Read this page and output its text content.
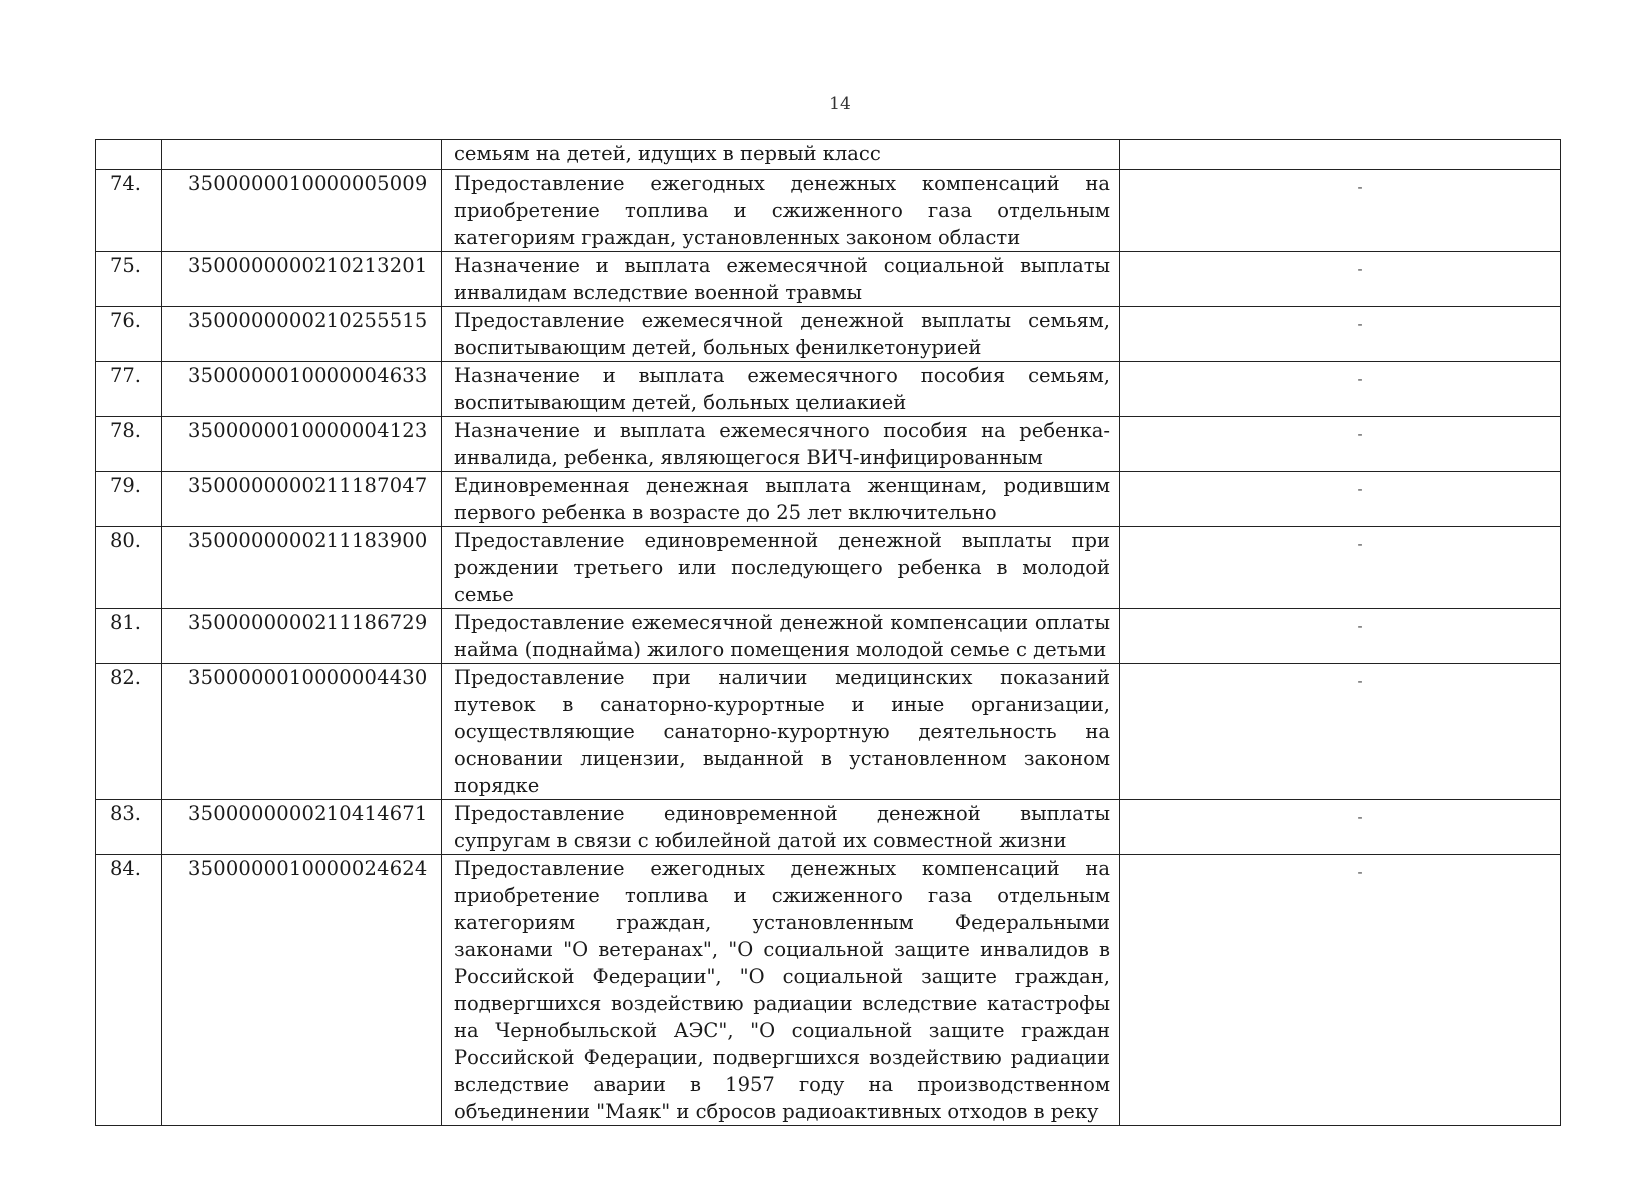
14
		семьям на детей, идущих в первый класс	
74.	3500000010000005009	Предоставление ежегодных денежных компенсаций на приобретение топлива и сжиженного газа отдельным категориям граждан, установленных законом области	-
75.	3500000000210213201	Назначение и выплата ежемесячной социальной выплаты инвалидам вследствие военной травмы	-
76.	3500000000210255515	Предоставление ежемесячной денежной выплаты семьям, воспитывающим детей, больных фенилкетонурией	-
77.	3500000010000004633	Назначение и выплата ежемесячного пособия семьям, воспитывающим детей, больных целиакией	-
78.	3500000010000004123	Назначение и выплата ежемесячного пособия на ребенка-инвалида, ребенка, являющегося ВИЧ-инфицированным	-
79.	3500000000211187047	Единовременная денежная выплата женщинам, родившим первого ребенка в возрасте до 25 лет включительно	-
80.	3500000000211183900	Предоставление единовременной денежной выплаты при рождении третьего или последующего ребенка в молодой семье	-
81.	3500000000211186729	Предоставление ежемесячной денежной компенсации оплаты найма (поднайма) жилого помещения молодой семье с детьми	-
82.	3500000010000004430	Предоставление при наличии медицинских показаний путевок в санаторно-курортные и иные организации, осуществляющие санаторно-курортную деятельность на основании лицензии, выданной в установленном законом порядке	-
83.	3500000000210414671	Предоставление единовременной денежной выплаты супругам в связи с юбилейной датой их совместной жизни	-
84.	3500000010000024624	Предоставление ежегодных денежных компенсаций на приобретение топлива и сжиженного газа отдельным категориям граждан, установленным Федеральными законами "О ветеранах", "О социальной защите инвалидов в Российской Федерации", "О социальной защите граждан, подвергшихся воздействию радиации вследствие катастрофы на Чернобыльской АЭС", "О социальной защите граждан Российской Федерации, подвергшихся воздействию радиации вследствие аварии в 1957 году на производственном объединении "Маяк" и сбросов радиоактивных отходов в реку	-
